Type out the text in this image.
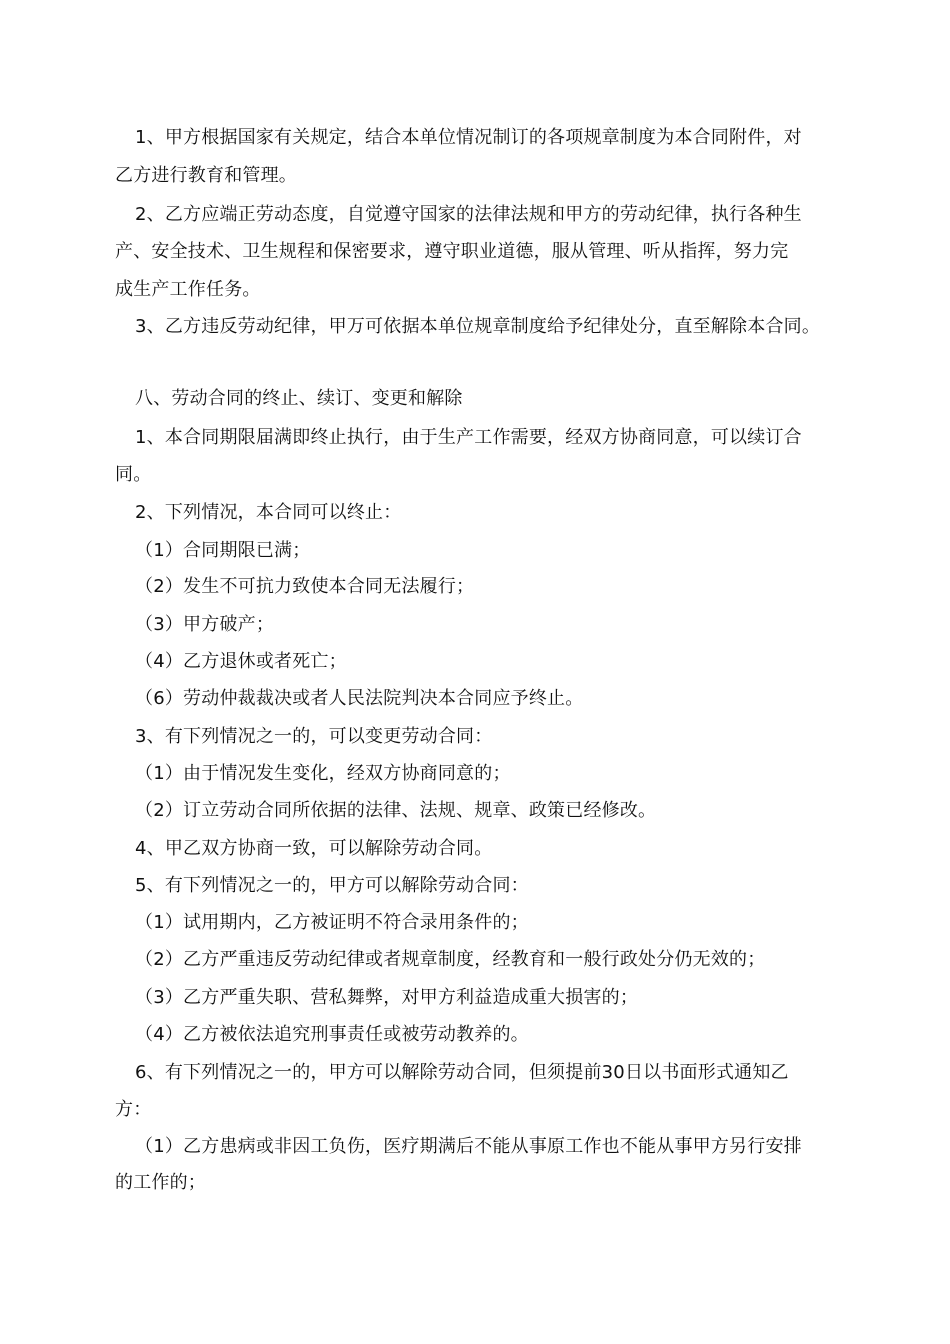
1、甲方根据国家有关规定，结合本单位情况制订的各项规章制度为本合同附件，对
乙方进行教育和管理。
2、乙方应端正劳动态度，自觉遵守国家的法律法规和甲方的劳动纪律，执行各种生
产、安全技术、卫生规程和保密要求，遵守职业道德，服从管理、听从指挥，努力完
成生产工作任务。
3、乙方违反劳动纪律，甲万可依据本单位规章制度给予纪律处分，直至解除本合同。
八、劳动合同的终止、续订、变更和解除
1、本合同期限届满即终止执行，由于生产工作需要，经双方协商同意，可以续订合
同。
2、下列情况，本合同可以终止：
（1）合同期限已满；
（2）发生不可抗力致使本合同无法履行；
（3）甲方破产；
（4）乙方退休或者死亡；
（6）劳动仲裁裁决或者人民法院判决本合同应予终止。
3、有下列情况之一的，可以变更劳动合同：
（1）由于情况发生变化，经双方协商同意的；
（2）订立劳动合同所依据的法律、法规、规章、政策已经修改。
4、甲乙双方协商一致，可以解除劳动合同。
5、有下列情况之一的，甲方可以解除劳动合同：
（1）试用期内，乙方被证明不符合录用条件的；
（2）乙方严重违反劳动纪律或者规章制度，经教育和一般行政处分仍无效的；
（3）乙方严重失职、营私舞弊，对甲方利益造成重大损害的；
（4）乙方被依法追究刑事责任或被劳动教养的。
6、有下列情况之一的，甲方可以解除劳动合同，但须提前30日以书面形式通知乙
方：
（1）乙方患病或非因工负伤，医疗期满后不能从事原工作也不能从事甲方另行安排
的工作的；
